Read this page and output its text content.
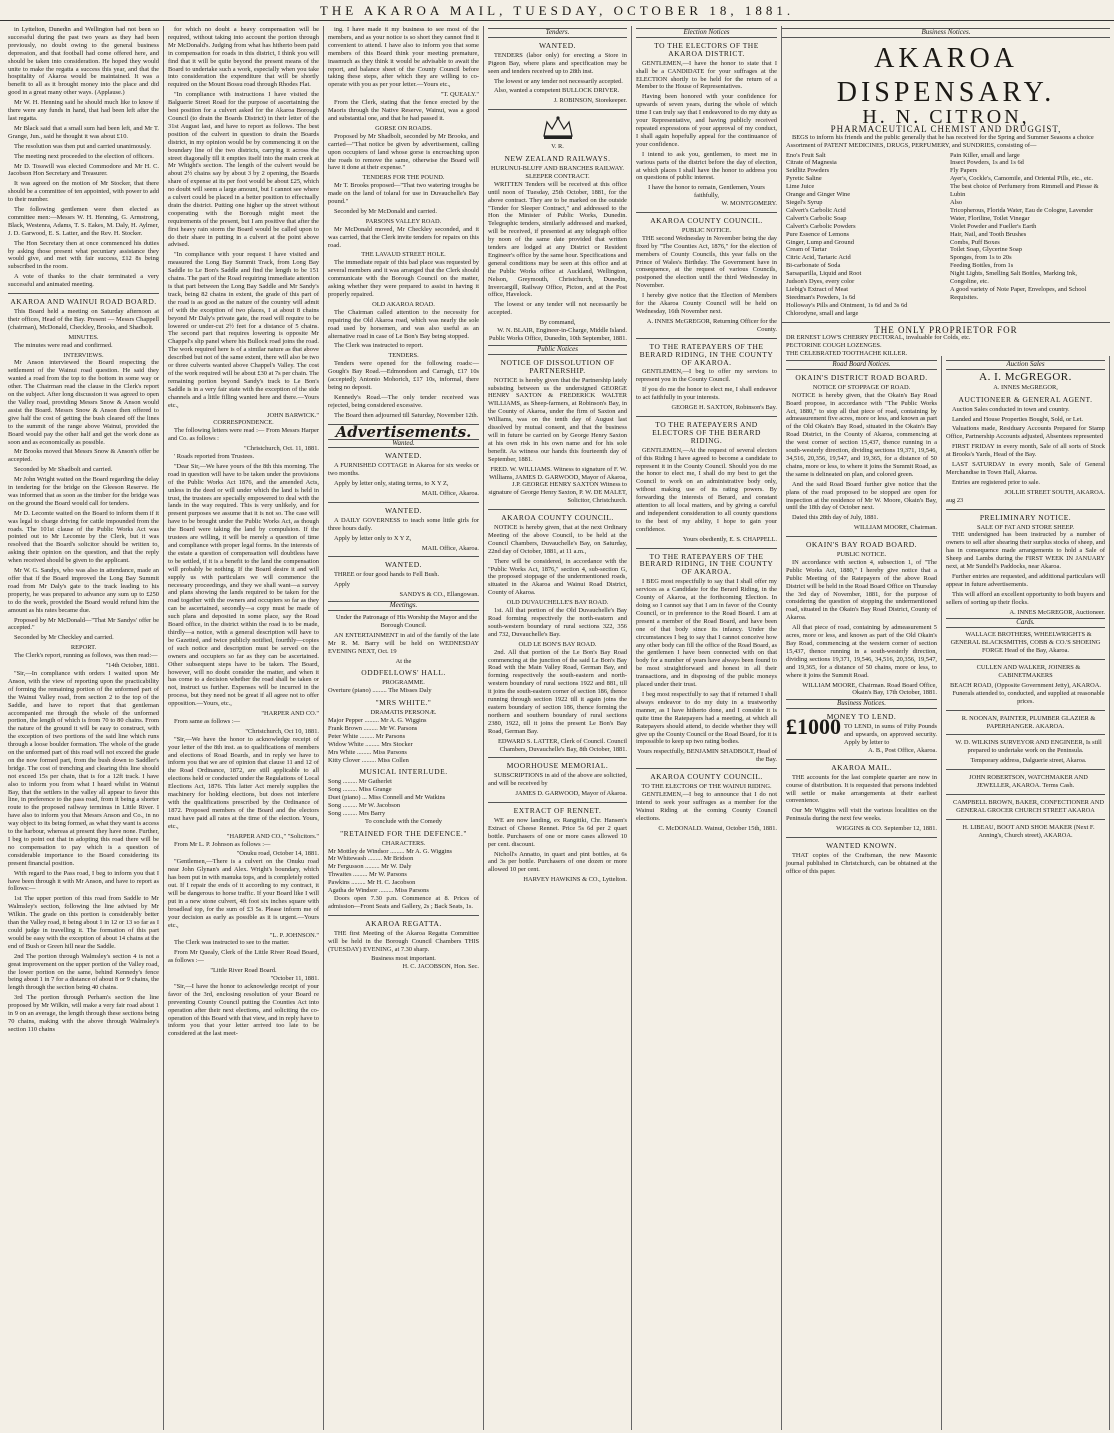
THE AKAROA MAIL, TUESDAY, OCTOBER 18, 1881.

in Lyttelton, Dunedin and Wellington had not been so successful during the past two years as they had been previously, no doubt owing to the general business depression, and that football had come offered here, and should be taken into consideration. He hoped they would unite to make the regatta a success this year, and that the hospitality of Akaroa would be maintained. It was a benefit to all as it brought money into the place and did good in a great many other ways. (Applause.)

Mr W. H. Henning said he should much like to know if there were any funds in hand, that had been left after the last regatta.

Mr Black said that a small sum had been left, and Mr T. Grange, Jun., said he thought it was about £10.

The resolution was then put and carried unanimously.

The meeting next proceeded to the election of officers.

Mr D. Tosswill was elected Commodore and Mr H. C. Jacobson Hon Secretary and Treasurer.

It was agreed on the motion of Mr Stocker, that there should be a committee of ten appointed, with power to add to their number.

The following gentlemen were then elected as committee men:—Messrs W. H. Henning, G. Armstrong, Black, Westenra, Adams, T. S. Eakes, M. Daly, H. Aylmer, J. D. Garwood, E. S. Latter, and the Rev. H. Stocker.

The Hon Secretary then at once commenced his duties by asking those present what pecuniary assistance they would give, and met with fair success, £12 8s being subscribed in the room.

A vote of thanks to the chair terminated a very successful and animated meeting.

AKAROA AND WAINUI ROAD BOARD.

This Board held a meeting on Saturday afternoon at their offices, Head of the Bay. Present — Messrs Chappell (chairman), McDonald, Checkley, Brooks, and Shadbolt.

MINUTES.

The minutes were read and confirmed.

INTERVIEWS.

Mr Anson interviewed the Board respecting the settlement of the Wainui road question. He said they wanted a road from the top to the bottom in some way or other. The Chairman read the clause in the Clerk's report on the subject. After long discussion it was agreed to open the Valley road, providing Messrs Snow & Anson would assist the Board. Messrs Snow & Anson then offered to give half the cost of getting the bush cleared off the lines to the summit of the range above Wainui, provided the Board would pay the other half and get the work done as soon and as economically as possible.

Mr Brooks moved that Messrs Snow & Anson's offer be accepted.

Seconded by Mr Shadbolt and carried.

Mr John Wright waited on the Board regarding the delay in tendering for the bridge on the Gleeson Reserve. He was informed that as soon as the timber for the bridge was on the ground the Board would call for tenders.

Mr D. Lecomte waited on the Board to inform them if it was legal to charge driving for cattle impounded from the roads. The 101st clause of the Public Works Act was pointed out to Mr Lecomte by the Clerk, but it was resolved that the Board's solicitor should be written to, asking their opinion on the question, and that the reply when received should be given to the applicant.

Mr W. G. Sandys, who was also in attendance, made an offer that if the Board improved the Long Bay Summit road from Mr Daly's gate to the track leading to his property, he was prepared to advance any sum up to £250 to do the work, provided the Board would refund him the amount as his rates became due.

Proposed by Mr McDonald—"That Mr Sandys' offer be accepted."

Seconded by Mr Checkley and carried.

REPORT.

The Clerk's report, running as follows, was then read:—

"14th October, 1881.

"Sir,—In compliance with orders I waited upon Mr Anson, with the view of reporting upon the practicability of forming the remaining portion of the unformed part of the Wainui Valley road, from section 2 to the top of the Saddle, and have to report that that gentleman accompanied me through the whole of the unformed portion, the length of which is from 70 to 80 chains. From the nature of the ground it will be easy to construct, with the exception of two portions of the said line which runs through a loose boulder formation. The whole of the grade on the unformed part of this road will not exceed the grade on the now formed part, from the bush down to Saddler's bridge. The cost of trenching and clearing this line should not exceed 15s per chain, that is for a 12ft track. I have also to inform you from what I heard whilst in Wainui Bay, that the settlers in the valley all appear to favor this line, in preference to the pass road, from it being a shorter route to the proposed railway terminus in Little River. I have also to inform you that Messrs Anson and Co., in no way object to its being formed, as what they want is access to the harbour, whereas at present they have none. Further, I beg to point out that in adopting this road there will be no compensation to pay which is a question of considerable importance to the Board considering its present financial position.

With regard to the Pass road, I beg to inform you that I have been through it with Mr Anson, and have to report as follows:—

1st The upper portion of this road from Saddle to Mr Walmsley's section, following the line advised by Mr Wilkin. The grade on this portion is considerably better than the Valley road, it being about 1 in 12 or 13 so far as I could judge in travelling it. The formation of this part would be easy with the exception of about 14 chains at the end of Bush or Green hill near the Saddle.

2nd The portion through Walmsley's section 4 is not a great improvement on the upper portion of the Valley road, the lower portion on the same, behind Kennedy's fence being about 1 in 7 for a distance of about 8 or 9 chains, the length through the section being 40 chains.

3rd The portion through Perham's section the line proposed by Mr Wilkin, will make a very fair road about 1 in 9 on an average, the length through these sections being 70 chains, making with the above through Walmsley's section 110 chains

for which no doubt a heavy compensation will be required, without taking into account the portion through Mr McDonald's. Judging from what has hitherto been paid in compensation for roads in this district, I think you will find that it will be quite beyond the present means of the Board to undertake such a work, especially when you take into consideration the expenditure that will be shortly required on the Mount Bossu road through Rhodes Flat.

"In compliance with instructions I have visited the Balguerie Street Road for the purpose of ascertaining the best position for a culvert asked for the Akaroa Borough Council (to drain the Boards District) in their letter of the 31st August last, and have to report as follows. The best position of the culvert in question to drain the Boards district, in my opinion would be by commencing it on the boundary line of the two districts, carrying it across the street diagonally till it empties itself into the main creek at Mr Whight's section. The length of the culvert would be about 2½ chains say by about 3 by 2 opening, the Boards share of expense at its per foot would be about £25, which no doubt will seem a large amount, but I cannot see where a culvert could be placed in a better position to effectually drain the district. Putting one higher up the street without cooperating with the Borough might meet the requirements of the present, but I am positive that after the first heavy rain storm the Board would be called upon to do their share in putting in a culvert at the point above advised.

"In compliance with your request I have visited and measured the Long Bay Summit Track, from Long Bay Saddle to Le Bon's Saddle and find the length to be 151 chains. The part of the Road requiring immediate attention is that part between the Long Bay Saddle and Mr Sandy's track, being 82 chains in extent, the grade of this part of the road is as good as the nature of the country will admit of with the exception of two places, I at about 8 chains beyond Mr Daly's private gate, the road will require to be lowered or under-cut 2½ feet for a distance of 5 chains. The second part that requires lowering is opposite Mr Chappel's slip panel where his Bullock road joins the road. The work required here is of a similar nature as that above described but not of the same extent, there will also be two or three culverts wanted above Chappel's Valley. The cost of the work required will be about £30 at 7s per chain. The remaining portion beyond Sandy's track to Le Bon's Saddle is in a very fair state with the exception of the side channels and a little filling wanted here and there.—Yours etc.,

JOHN BARWICK."
CORRESPONDENCE.

The following letters were read :— From Messrs Harper and Co. as follows :

"Christchurch, Oct. 11, 1881.

' Roads reported from Trustees.

"Dear Sir,—We have yours of the 8th this morning. The road in question will have to be taken under the provisions of the Public Works Act 1876, and the amended Acts, unless in the deed or will under which the land is held in trust, the trustees are specially empowered to deal with the lands in the way required. This is very unlikely, and for present purposes we assume that it is not so. The case will have to be brought under the Public Works Act, as though the Board were taking the land by compulsion. If the trustees are willing, it will be merely a question of time and compliance with proper legal forms. In the interests of the estate a question of compensation will doubtless have to be settled, if it is a benefit to the land the compensation will probably be nothing. If the Board desire it and will supply us with particulars we will commence the necessary proceedings, and they we shall want—a survey and plans showing the lands required to be taken for the road together with the owners and occupiers so far as they can be ascertained, secondly—a copy must be made of such plans and deposited in some place, say the Road Board office, in the district within the road is to be made, thirdly—a notice, with a general description will have to be Gazetted, and twice publicly notified, fourthly—copies of such notice and description must be served on the owners and occupiers so far as they can be ascertained. Other subsequent steps have to be taken. The Board, however, will no doubt consider the matter, and when it has come to a decision whether the road shall be taken or not, instruct us further. Expenses will be incurred in the process, but they need not be great if all agree not to offer opposition.—Yours, etc.,

"HARPER AND CO."

From same as follows :—

"Christchurch, Oct 10, 1881.

"Sir,—We have the honor to acknowledge receipt of your letter of the 8th inst. as to qualifications of members and elections of Road Boards, and in reply we have to inform you that we are of opinion that clause 11 and 12 of the Road Ordinance, 1872, are still applicable to all elections held or conducted under the Regulations of Local Elections Act, 1876. This latter Act merely supplies the machinery for holding elections, but does not interfere with the qualifications prescribed by the Ordinance of 1872. Proposed members of the Board and the electors must have paid all rates at the time of the election. Yours, etc.,

"HARPER AND CO.," "Solicitors."

From Mr L. P. Johnson as follows :—

"Onuku road, October 14, 1881.

"Gentlemen,—There is a culvert on the Onuku road near John Glynan's and Alex. Wright's boundary, which has been put in with manuka tops, and is completely rotted out. If I repair the ends of it according to my contract, it will be dangerous to horse traffic. If your Board like I will put in a new stone culvert, 4ft foot six inches square with broadleaf top, for the sum of £3 5s. Please inform me of your decision as early as possible as it is urgent.—Yours etc.,

"L. P. JOHNSON."

The Clerk was instructed to see to the matter.

From Mr Quealy, Clerk of the Little River Road Board, as follows :—

"Little River Road Board.
"October 11, 1881.

"Sir,—I have the honor to acknowledge receipt of your favor of the 3rd, enclosing resolution of your Board re preventing County Council putting the Counties Act into operation after their next elections, and soliciting the co-operation of this Board with that view, and in reply have to inform you that your letter arrived too late to be considered at the last meet-

ing. I have made it my business to see most of the members, and as your notice is so short they cannot find it convenient to attend. I have also to inform you that some members of this Board think your meeting premature, inasmuch as they think it would be advisable to await the report, and balance sheet of the County Council before taking these steps, after which they are willing to co-operate with you as per your letter.—Yours etc.,

"T. QUEALY."

From the Clerk, stating that the fence erected by the Maoris through the Native Reserve, Wainui, was a good and substantial one, and that he had passed it.

GORSE ON ROADS.

Proposed by Mr Shadbolt, seconded by Mr Brooks, and carried—"That notice be given by advertisement, calling upon occupiers of land whose gorse is encroaching upon the roads to remove the same, otherwise the Board will have it done at their expense."

TENDERS FOR THE POUND.

Mr T. Brooks proposed—"That two watering troughs be made on the land of tolaral for use in Duvauchelle's Bay pound."

Seconded by Mr McDonald and carried.

PARSONS VALLEY ROAD.

Mr McDonald moved, Mr Checkley seconded, and it was carried, that the Clerk invite tenders for repairs on this road.

THE LAVAUD STREET HOLE.

The immediate repair of this bad place was requested by several members and it was arranged that the Clerk should communicate with the Borough Council on the matter, asking whether they were prepared to assist in having it properly repaired.

OLD AKAROA ROAD.

The Chairman called attention to the necessity for repairing the Old Akaroa road, which was nearly the sole road used by horsemen, and was also useful as an alternative road in case of Le Bon's Bay being stopped.

The Clerk was instructed to report.

TENDERS.

Tenders were opened for the following roads:— Gough's Bay Road.—Edmondson and Carragh, £17 10s (accepted); Antonio Mohorich, £17 10s, informal, there being no deposit.

Kennedy's Road.—The only tender received was rejected, being considered excessive.

The Board then adjourned till Saturday, November 12th.

Advertisements.
Wanted.
WANTED.

A FURNISHED COTTAGE in Akaroa for six weeks or two months.

Apply by letter only, stating terms, to X Y Z,

MAIL Office, Akaroa.
WANTED.

A DAILY GOVERNESS to teach some little girls for three hours daily.

Apply by letter only to X Y Z,

MAIL Office, Akaroa.
WANTED.

THREE or four good hands to Fell Bush.

Apply

SANDYS & CO., Ellangowan.
Meetings.

Under the Patronage of His Worship the Mayor and the Borough Council.

AN ENTERTAINMENT in aid of the family of the late Mr R. M. Barry will be held on WEDNESDAY EVENING NEXT, Oct. 19

At the
ODDFELLOWS' HALL.
PROGRAMME.
Overture (piano) ......... The Misses Daly
"MRS WHITE."
DRAMATIS PERSONÆ.
Major Pepper ......... Mr A. G. Wiggins
Frank Brown ......... Mr W. Parsons
Peter White ......... Mr Parsons
Widow White ......... Mrs Stocker
Mrs White ......... Miss Parsons
Kitty Clover ......... Miss Collen
MUSICAL INTERLUDE.
Song ......... Mr Gatherlet
Song ......... Miss Grange
Duet (piano) ... Miss Connell and Mr Watkins
Song ......... Mr W. Jacobson
Song ......... Mrs Barry
To conclude with the Comedy
"RETAINED FOR THE DEFENCE."
CHARACTERS.
Mr Mottley de Windsor ......... Mr A. G. Wiggins
Mr Whitewash ......... Mr Bridson
Mr Fergusson ......... Mr W. Daly
Thwaites ......... Mr W. Parsons
Pawkins ......... Mr H. C. Jacobson
Agatha de Windsor ......... Miss Parsons

Doors open 7.30 p.m. Commence at 8. Prices of admission—Front Seats and Gallery, 2s ; Back Seats, 1s.

AKAROA REGATTA.

THE first Meeting of the Akaroa Regatta Committee will be held in the Borough Council Chambers THIS (TUESDAY) EVENING, at 7.30 sharp.

Business most important.
H. C. JACOBSON, Hon. Sec.
Tenders.
WANTED.

TENDERS (labor only) for erecting a Store in Pigeon Bay, where plans and specification may be seen and tenders received up to 28th inst.

The lowest or any tender not necessarily accepted.

Also, wanted a competent BULLOCK DRIVER.

J. ROBINSON, Storekeeper.
V. R.
NEW ZEALAND RAILWAYS.
HURUNUI-BLUFF AND BRANCHES RAILWAY.
SLEEPER CONTRACT.

WRITTEN Tenders will be received at this office until noon of Tuesday, 25th October, 1881, for the above contract. They are to be marked on the outside "Tender for Sleeper Contract," and addressed to the Hon the Minister of Public Works, Dunedin. Telegraphic tenders, similarly addressed and marked, will be received, if presented at any telegraph office by noon of the same date provided that written tenders are lodged at any District or Resident Engineer's office by the same hour. Specifications and general conditions may be seen at this office and at the Public Works office at Auckland, Wellington, Nelson, Greymouth, Christchurch, Dunedin, Invercargill, Railway Office, Picton, and at the Post office, Havelock.

The lowest or any tender will not necessarily be accepted.

By command,
W. N. BLAIR, Engineer-in-Charge, Middle Island. Public Works Office, Dunedin, 10th September, 1881.
Public Notices
NOTICE OF DISSOLUTION OF PARTNERSHIP.

NOTICE is hereby given that the Partnership lately subsisting between us the undersigned GEORGE HENRY SAXTON & FREDERICK WALTER WILLIAMS, as Sheep-farmers, at Robinson's Bay, in the County of Akaroa, under the firm of Saxton and Williams, was on the tenth day of August last dissolved by mutual consent, and that the business will in future be carried on by George Henry Saxton at his own risk in his own name and for his sole benefit. As witness our hands this fourteenth day of September, 1881.

FRED. W. WILLIAMS. Witness to signature of F. W. Williams, JAMES D. GARWOOD, Mayor of Akaroa, J.P. GEORGE HENRY SAXTON Witness to signature of George Henry Saxton, P. W. DE MALET, Solicitor, Christchurch.
AKAROA COUNTY COUNCIL.

NOTICE is hereby given, that at the next Ordinary Meeting of the above Council, to be held at the Council Chambers, Duvauchelle's Bay, on Saturday, 22nd day of October, 1881, at 11 a.m.,

There will be considered, in accordance with the "Public Works Act, 1876," section 4, sub-section G, the proposed stoppage of the undermentioned roads, situated in the Akaroa and Wainui Road District, County of Akaroa.

OLD DUVAUCHELLE'S BAY ROAD.

1st. All that portion of the Old Duvauchelle's Bay Road forming respectively the north-eastern and south-western boundary of rural sections 322, 356 and 732, Duvauchelle's Bay.

OLD LE BON'S BAY ROAD.

2nd. All that portion of the Le Bon's Bay Road commencing at the junction of the said Le Bon's Bay Road with the Main Valley Road, German Bay, and forming respectively the south-eastern and north-western boundary of rural sections 1922 and 881, till it joins the south-eastern corner of section 186, thence running through section 1922 till it again joins the eastern boundary of section 186, thence forming the northern and southern boundary of rural sections 2380, 1922, till it joins the present Le Bon's Bay Road, German Bay.

EDWARD S. LATTER, Clerk of Council. Council Chambers, Duvauchelle's Bay, 8th October, 1881.
MOORHOUSE MEMORIAL.

SUBSCRIPTIONS in aid of the above are solicited, and will be received by

JAMES D. GARWOOD, Mayor of Akaroa.
EXTRACT OF RENNET.

WE are now landing, ex Rangitiki, Chr. Hansen's Extract of Cheese Rennet. Price 5s 6d per 2 quart bottle. Purchasers of one or more cases allowed 10 per cent. discount.

Nicholl's Annatto, in quart and pint bottles, at 6s and 3s per bottle. Purchasers of one dozen or more allowed 10 per cent.

HARVEY HAWKINS & CO., Lyttelton.
Election Notices
TO THE ELECTORS OF THE AKAROA DISTRICT.

GENTLEMEN,—I have the honor to state that I shall be a CANDIDATE for your suffrages at the ELECTION shortly to be held for the return of a Member to the House of Representatives.

Having been honored with your confidence for upwards of seven years, during the whole of which time I can truly say that I endeavored to do my duty as your Representative, and having publicly received repeated expressions of your approval of my conduct, I shall again hopefully appeal for the continuance of your confidence.

I intend to ask you, gentlemen, to meet me in various parts of the district before the day of election, at which places I shall have the honor to address you on questions of public interest.

I have the honor to remain, Gentlemen, Yours faithfully,
W. MONTGOMERY.
AKAROA COUNTY COUNCIL.
PUBLIC NOTICE.

THE second Wednesday in November being the day fixed by "The Counties Act, 1876," for the election of members of County Councils, this year falls on the Prince of Wales's Birthday. The Government have in consequence, at the request of various Councils, postponed the election until the third Wednesday in November.

I hereby give notice that the Election of Members for the Akaroa County Council will be held on Wednesday, 16th November next.

A. INNES McGREGOR, Returning Officer for the County.
TO THE RATEPAYERS OF THE BERARD RIDING, IN THE COUNTY OF AKAROA.

GENTLEMEN,—I beg to offer my services to represent you in the County Council.

If you do me the honor to elect me, I shall endeavor to act faithfully in your interests.

GEORGE H. SAXTON, Robinson's Bay.
TO THE RATEPAYERS AND ELECTORS OF THE BERARD RIDING.

GENTLEMEN,—At the request of several electors of this Riding I have agreed to become a candidate to represent it in the County Council. Should you do me the honor to elect me, I shall do my best to get the Council to work on an administrative body only, without making use of its rating powers. By forwarding the interests of Berard, and constant attention to all local matters, and by giving a careful and independent consideration to all county questions to the best of my ability, I hope to gain your confidence.

Yours obediently, E. S. CHAPPELL.
TO THE RATEPAYERS OF THE BERARD RIDING, IN THE COUNTY OF AKAROA.

I BEG most respectfully to say that I shall offer my services as a Candidate for the Berard Riding, in the County of Akaroa, at the forthcoming Election. In doing so I cannot say that I am in favor of the County Council, or in preference to the Road Board. I am at present a member of the Road Board, and have been one of that body since its infancy. Under the circumstances I beg to say that I cannot conceive how any other body can fill the office of the Road Board, as the gentlemen I have been connected with on that body for a number of years have always been found to be most straightforward and honest in all their transactions, and in disposing of the public moneys placed under their trust.

I beg most respectfully to say that if returned I shall always endeavor to do my duty in a trustworthy manner, as I have hitherto done, and I consider it is quite time the Ratepayers had a meeting, at which all Ratepayers should attend, to decide whether they will give up the County Council or the Road Board, for it is impossible to keep up two rating bodies.

Yours respectfully, BENJAMIN SHADBOLT, Head of the Bay.
AKAROA COUNTY COUNCIL.
TO THE ELECTORS OF THE WAINUI RIDING.

GENTLEMEN,—I beg to announce that I do not intend to seek your suffrages as a member for the Wainui Riding at the coming County Council elections.

C. McDONALD. Wainui, October 15th, 1881.
Road Board Notices.
OKAIN'S DISTRICT ROAD BOARD.
NOTICE OF STOPPAGE OF ROAD.

NOTICE is hereby given, that the Okain's Bay Road Board propose, in accordance with "The Public Works Act, 1880," to stop all that piece of road, containing by admeasurement five acres, more or less, and known as part of the Old Okain's Bay Road, situated in the Okain's Bay Road District, in the County of Akaroa, commencing at the west corner of section 15,437, thence running in a south-westerly direction, dividing sections 19,371, 19,546, 34,516, 20,356, 19,547, and 19,365, for a distance of 50 chains, more or less, to where it joins the Summit Road, as the same is delineated on plan, and colored green.

And the said Road Board further give notice that the plans of the road proposed to be stopped are open for inspection at the residence of Mr W. Moore, Okain's Bay, until the 18th day of October next.

Dated this 28th day of July, 1881.

WILLIAM MOORE, Chairman.
OKAIN'S BAY ROAD BOARD.
PUBLIC NOTICE.

IN accordance with section 4, subsection 1, of "The Public Works Act, 1880," I hereby give notice that a Public Meeting of the Ratepayers of the above Road District will be held in the Road Board Office on Thursday the 3rd day of November, 1881, for the purpose of considering the question of stopping the undermentioned road, situated in the Okain's Bay Road District, County of Akaroa.

All that piece of road, containing by admeasurement 5 acres, more or less, and known as part of the Old Okain's Bay Road, commencing at the western corner of section 15,437, thence running in a south-westerly direction, dividing sections 19,371, 19,546, 34,516, 20,356, 19,547, and 19,365, for a distance of 50 chains, more or less, to where it joins the Summit Road.

WILLIAM MOORE, Chairman. Road Board Office, Okain's Bay, 17th October, 1881.
Business Notices.
MONEY TO LEND.
£1000 TO LEND, in sums of Fifty Pounds and upwards, on approved security. Apply by letter to
A. B., Post Office, Akaroa.
AKAROA MAIL.

THE accounts for the last complete quarter are now in course of distribution. It is requested that persons indebted will settle or make arrangements at their earliest convenience.

Our Mr Wiggins will visit the various localities on the Peninsula during the next few weeks.

WIGGINS & CO. September 12, 1881.
WANTED KNOWN.

THAT copies of the Craftsman, the new Masonic journal published in Christchurch, can be obtained at the office of this paper.

Auction Sales
A. I. McGREGOR.
A. INNES McGREGOR,
AUCTIONEER & GENERAL AGENT.

Auction Sales conducted in town and country.

Landed and House Properties Bought, Sold, or Let.

Valuations made, Residuary Accounts Prepared for Stamp Office, Partnership Accounts adjusted, Absentees represented

FIRST FRIDAY in every month, Sale of all sorts of Stock at Brooks's Yards, Head of the Bay.

LAST SATURDAY in every month, Sale of General Merchandise in Town Hall, Akaroa.

Entries are registered prior to sale.

JOLLIE STREET SOUTH, AKAROA.
aug 23
PRELIMINARY NOTICE.
SALE OF FAT AND STORE SHEEP.

THE undersigned has been instructed by a number of owners to sell after shearing their surplus stocks of sheep, and has in consequence made arrangements to hold a Sale of Sheep and Lambs during the FIRST WEEK IN JANUARY next, at Mr Sundell's Paddocks, near Akaroa.

Further entries are requested, and additional particulars will appear in future advertisements.

This will afford an excellent opportunity to both buyers and sellers of sorting up their flocks.

A. INNES McGREGOR, Auctioneer.
Cards.

WALLACE BROTHERS, WHEELWRIGHTS & GENERAL BLACKSMITHS, COBB & CO.'S SHOEING FORGE Head of the Bay, Akaroa.

CULLEN AND WALKER, JOINERS & CABINETMAKERS

BEACH ROAD, (Opposite Government Jetty), AKAROA.

Funerals attended to, conducted, and supplied at reasonable prices.

R. NOONAN, PAINTER, PLUMBER GLAZIER & PAPERHANGER. AKAROA.

W. D. WILKINS SURVEYOR AND ENGINEER, Is still prepared to undertake work on the Peninsula.

Temporary address, Dalguerie street, Akaroa.

JOHN ROBERTSON, WATCHMAKER AND JEWELLER, AKAROA. Terms Cash.

CAMPBELL BROWN, BAKER, CONFECTIONER AND GENERAL GROCER CHURCH STREET AKAROA

H. LIBEAU, BOOT AND SHOE MAKER (Next F. Anning's, Church street), AKAROA.

Business Notices.
AKAROA DISPENSARY.
H. N. CITRON,
PHARMACEUTICAL CHEMIST AND DRUGGIST,

BEGS to inform his friends and the public generally that he has received for the Spring and Summer Seasons a choice Assortment of PATENT MEDICINES, DRUGS, PERFUMERY, and SUNDRIES, consisting of—

Eno's Fruit Salt
Citrate of Magnesia
Seidlitz Powders
Pyretic Saline
Lime Juice
Orange and Ginger Wine
Siegel's Syrup
Calvert's Carbolic Acid
Calvert's Carbolic Soap
Calvert's Carbolic Powders
Pure Essence of Lemons
Ginger, Lump and Ground
Cream of Tartar
Citric Acid, Tartaric Acid
Bi-carbonate of Soda
Sarsaparilla, Liquid and Root
Judson's Dyes, every color
Liebig's Extract of Meat
Steedman's Powders, 1s 6d
Holloway's Pills and Ointment, 1s 6d and 3s 6d
Chlorodyne, small and large
Pain Killer, small and large
Insect Powders, 1s and 1s 6d
Fly Papers
Ayer's, Cockle's, Camomile, and Oriental Pills, etc., etc.
The best choice of Perfumery from Rimmell and Piesse & Lubin
Also
Tricopherous, Florida Water, Eau de Cologne, Lavender Water, Floriline, Toilet Vinegar
Violet Powder and Fueller's Earth
Hair, Nail, and Tooth Brushes
Combs, Puff Boxes
Toilet Soap, Glycerine Soap
Sponges, from 1s to 20s
Feeding Bottles, from 1s
Night Lights, Smelling Salt Bottles, Marking Ink, Congoline, etc.
A good variety of Note Paper, Envelopes, and School Requisites.
THE ONLY PROPRIETOR FOR
DR ERNEST LOW'S CHERRY PECTORAL, invaluable for Colds, etc.
PECTORINE COUGH LOZENGES.
THE CELEBRATED TOOTHACHE KILLER.
